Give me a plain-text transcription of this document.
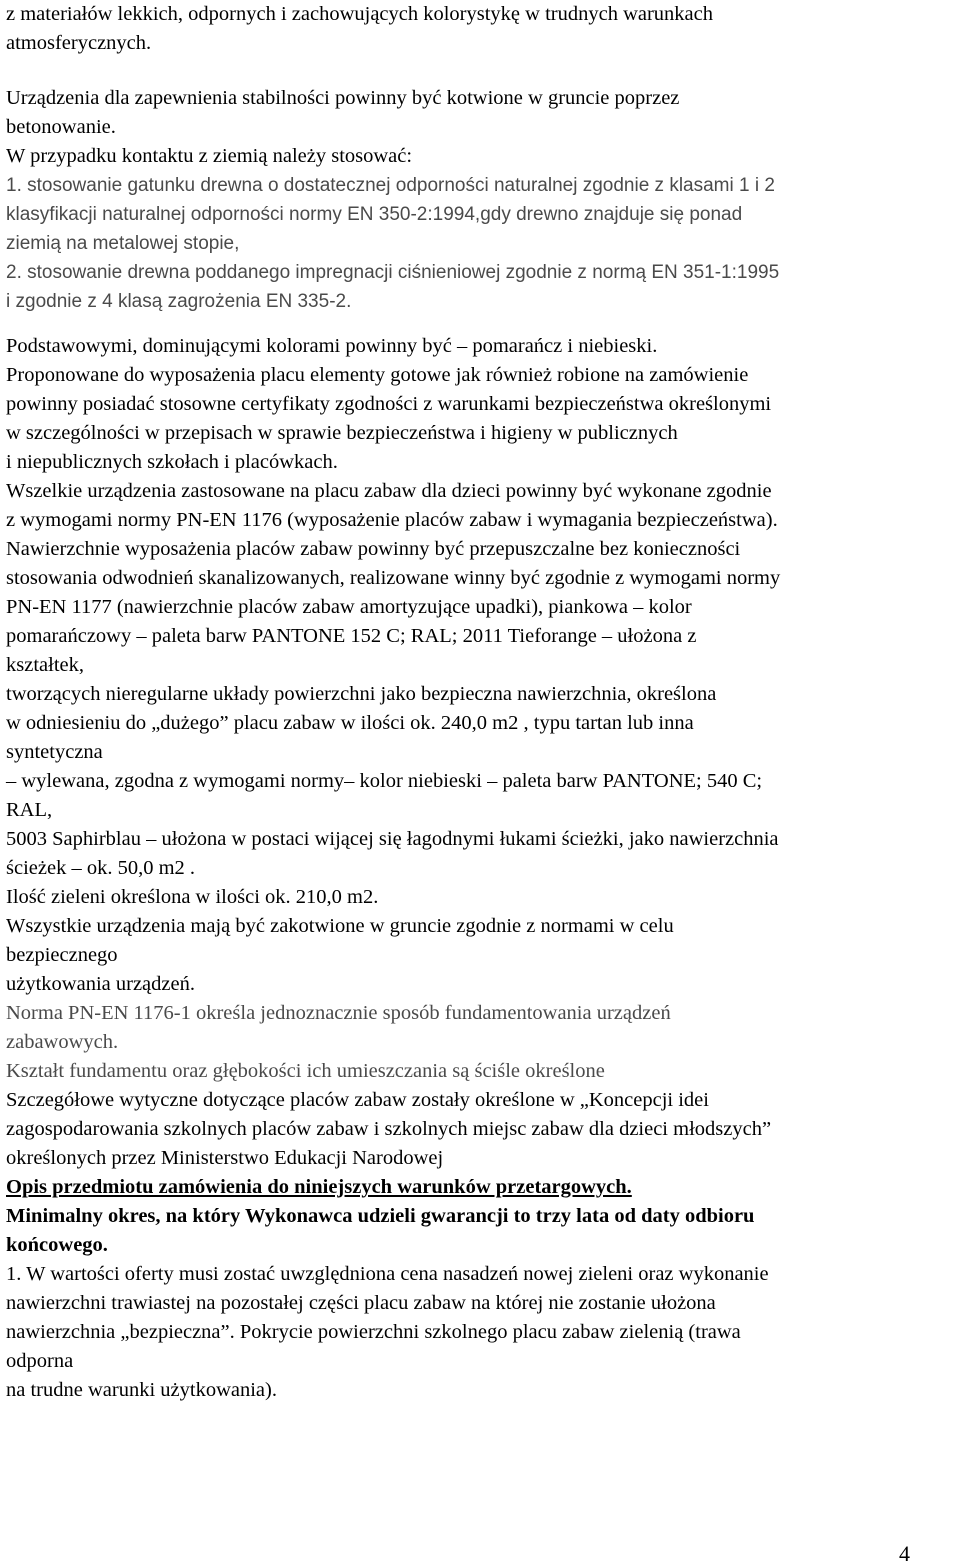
z materiałów lekkich, odpornych i zachowujących kolorystykę w trudnych warunkach
atmosferycznych.
Urządzenia dla zapewnienia stabilności powinny być kotwione w gruncie poprzez
betonowanie.
W przypadku kontaktu z ziemią należy stosować:
1. stosowanie gatunku drewna o dostatecznej odporności naturalnej zgodnie z klasami 1 i 2
klasyfikacji naturalnej odporności normy EN 350-2:1994,gdy drewno znajduje się ponad
ziemią na metalowej stopie,
2. stosowanie drewna poddanego impregnacji ciśnieniowej zgodnie z normą EN 351-1:1995
i zgodnie z 4 klasą zagrożenia EN 335-2.
Podstawowymi, dominującymi kolorami powinny być – pomarańcz i niebieski.
Proponowane do wyposażenia placu elementy gotowe jak również robione na zamówienie
powinny posiadać stosowne certyfikaty zgodności z warunkami bezpieczeństwa określonymi
w szczególności w przepisach w sprawie bezpieczeństwa i higieny w publicznych
i niepublicznych szkołach i placówkach.
Wszelkie urządzenia zastosowane na placu zabaw dla dzieci powinny być wykonane zgodnie
z wymogami normy PN-EN 1176 (wyposażenie placów zabaw i wymagania bezpieczeństwa).
Nawierzchnie wyposażenia placów zabaw powinny być przepuszczalne bez konieczności
stosowania odwodnień skanalizowanych, realizowane winny być zgodnie z wymogami normy
PN-EN 1177 (nawierzchnie placów zabaw amortyzujące upadki), piankowa – kolor
pomarańczowy – paleta barw PANTONE 152 C; RAL; 2011 Tieforange – ułożona z
kształtek,
tworzących nieregularne układy powierzchni jako bezpieczna nawierzchnia, określona
w odniesieniu do „dużego” placu zabaw w ilości ok. 240,0 m2 , typu tartan lub inna
syntetyczna
– wylewana, zgodna z wymogami normy– kolor niebieski – paleta barw PANTONE; 540 C;
RAL,
5003 Saphirblau – ułożona w postaci wijącej się łagodnymi łukami ścieżki, jako nawierzchnia
ścieżek – ok. 50,0 m2 .
Ilość zieleni określona w ilości ok. 210,0 m2.
Wszystkie urządzenia mają być zakotwione w gruncie zgodnie z normami w celu
bezpiecznego
użytkowania urządzeń.
Norma PN-EN 1176-1 określa jednoznacznie sposób fundamentowania urządzeń
zabawowych.
Kształt fundamentu oraz głębokości ich umieszczania są ściśle określone
Szczegółowe wytyczne dotyczące placów zabaw zostały określone w „Koncepcji idei
zagospodarowania szkolnych placów zabaw i szkolnych miejsc zabaw dla dzieci młodszych”
określonych przez Ministerstwo Edukacji Narodowej
Opis przedmiotu zamówienia do niniejszych warunków przetargowych.
Minimalny okres, na który Wykonawca udzieli gwarancji to trzy lata od daty odbioru
końcowego.
1. W wartości oferty musi zostać uwzględniona cena nasadzeń nowej zieleni oraz wykonanie
nawierzchni trawiastej na pozostałej części placu zabaw na której nie zostanie ułożona
nawierzchnia „bezpieczna”. Pokrycie powierzchni szkolnego placu zabaw zielenią (trawa
odporna
na trudne warunki użytkowania).
4
